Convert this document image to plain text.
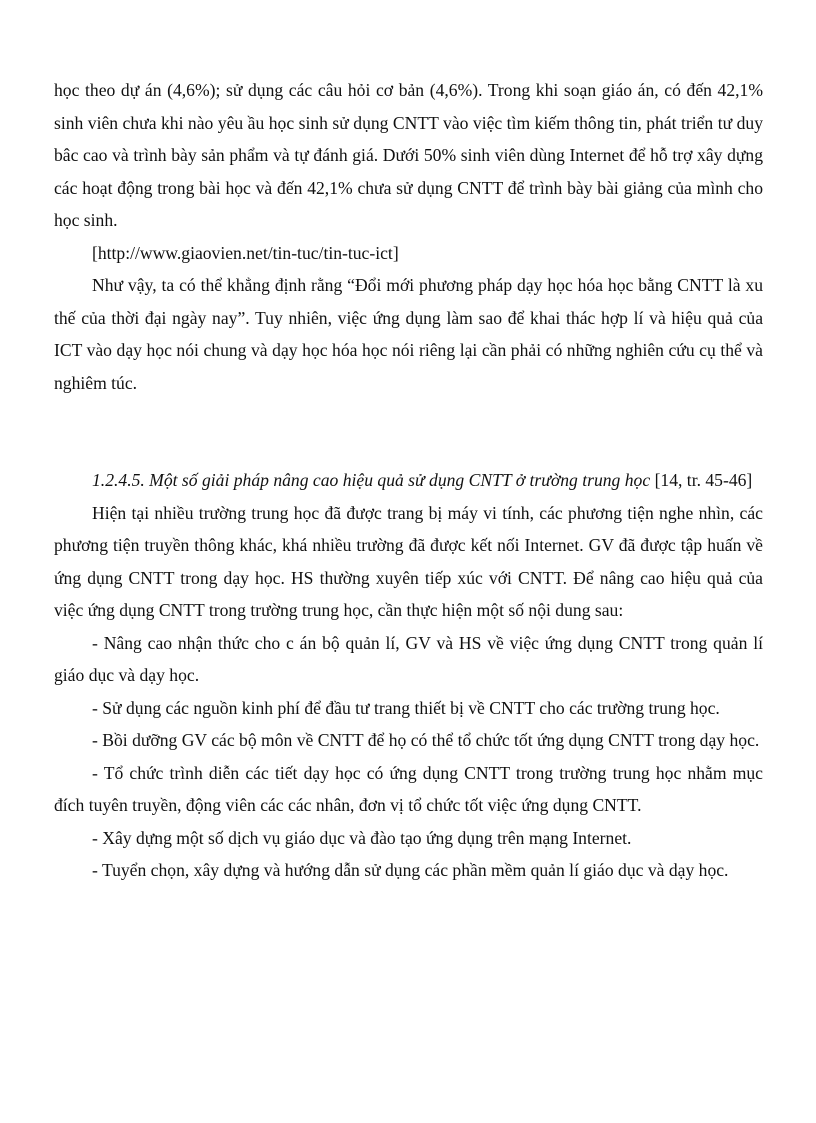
học theo dự án (4,6%); sử dụng các câu hỏi cơ bản (4,6%). Trong khi soạn giáo án, có đến 42,1% sinh viên chưa khi nào yêu ầu học sinh sử dụng CNTT vào việc tìm kiếm thông tin, phát triển tư duy bâc cao và trình bày sản phẩm và tự đánh giá. Dưới 50% sinh viên dùng Internet để hỗ trợ xây dựng các hoạt động trong bài học và đến 42,1% chưa sử dụng CNTT để trình bày bài giảng của mình cho học sinh.

[http://www.giaovien.net/tin-tuc/tin-tuc-ict]

Như vậy, ta có thể khẳng định rằng “Đổi mới phương pháp dạy học hóa học bằng CNTT là xu thế của thời đại ngày nay”. Tuy nhiên, việc ứng dụng làm sao để khai thác hợp lí và hiệu quả của ICT vào dạy học nói chung và dạy học hóa học nói riêng lại cần phải có những nghiên cứu cụ thể và nghiêm túc.

1.2.4.5. Một số giải pháp nâng cao hiệu quả sử dụng CNTT ở trường trung học [14, tr. 45-46]

Hiện tại nhiều trường trung học đã được trang bị máy vi tính, các phương tiện nghe nhìn, các phương tiện truyền thông khác, khá nhiều trường đã được kết nối Internet. GV đã được tập huấn về ứng dụng CNTT trong dạy học. HS thường xuyên tiếp xúc với CNTT. Để nâng cao hiệu quả của việc ứng dụng CNTT trong trường trung học, cần thực hiện một số nội dung sau:

- Nâng cao nhận thức cho c án bộ quản lí, GV và HS về việc ứng dụng CNTT trong quản lí giáo dục và dạy học.

- Sử dụng các nguồn kinh phí để đầu tư trang thiết bị về CNTT cho các trường trung học.

- Bồi dưỡng GV các bộ môn về CNTT để họ có thể tổ chức tốt ứng dụng CNTT trong dạy học.

- Tổ chức trình diễn các tiết dạy học có ứng dụng CNTT trong trường trung học nhằm mục đích tuyên truyền, động viên các các nhân, đơn vị tổ chức tốt việc ứng dụng CNTT.

- Xây dựng một số dịch vụ giáo dục và đào tạo ứng dụng trên mạng Internet.

- Tuyển chọn, xây dựng và hướng dẫn sử dụng các phần mềm quản lí giáo dục và dạy học.
